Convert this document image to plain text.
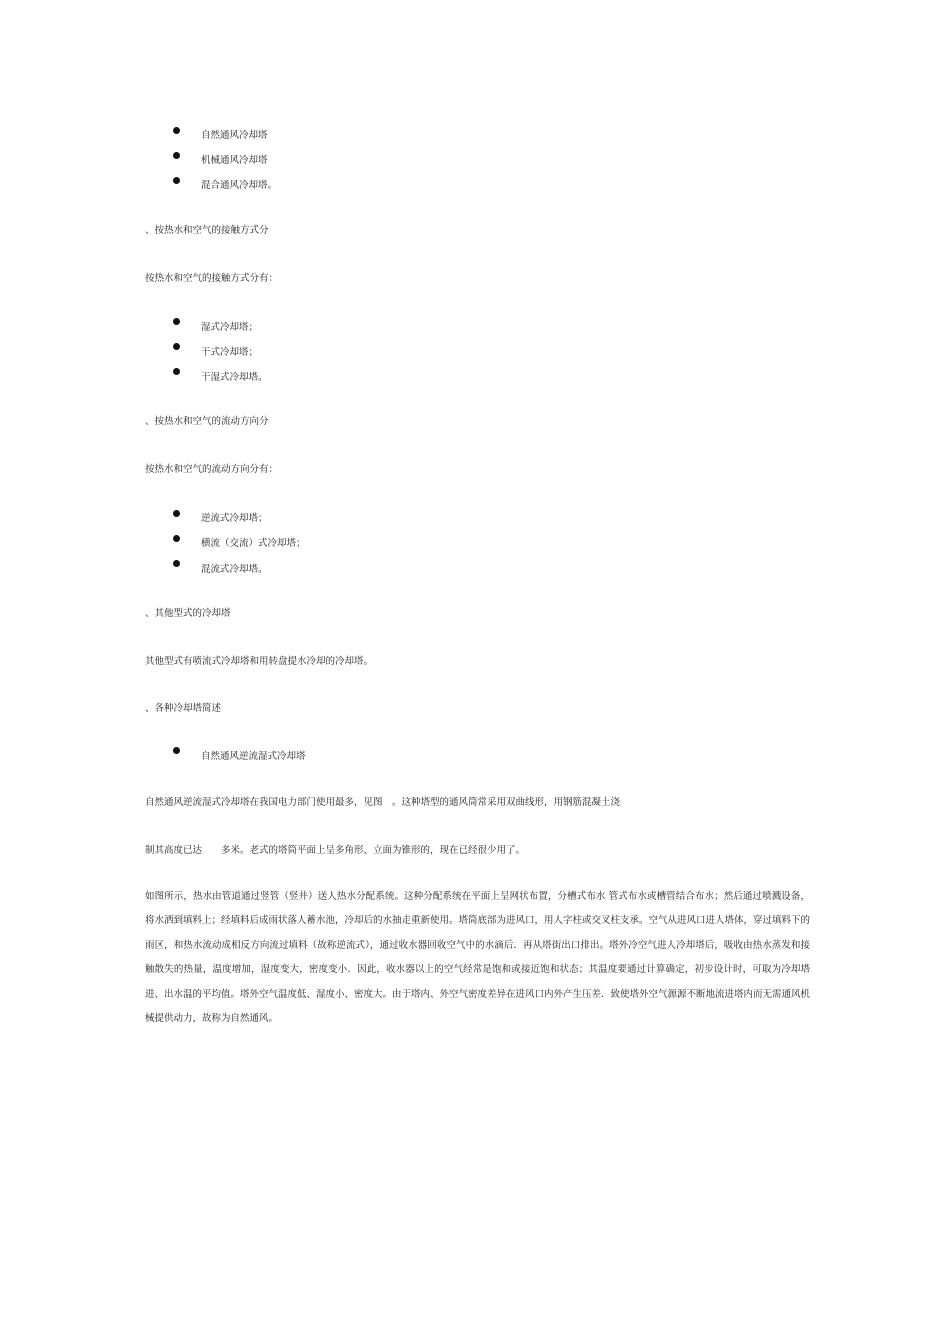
自然通风冷却塔
机械通风冷却塔
混合通风冷却塔。
、按热水和空气的接触方式分
按热水和空气的接触方式分有：
湿式冷却塔；
干式冷却塔；
干湿式冷却塔。
、按热水和空气的流动方向分
按热水和空气的流动方向分有：
逆流式冷却塔；
横流（交流）式冷却塔；
混流式冷却塔。
、其他型式的冷却塔
其他型式有喷流式冷却塔和用转盘提水冷却的冷却塔。
、各种冷却塔简述
自然通风逆流湿式冷却塔
自然通风逆流湿式冷却塔在我国电力部门使用最多，见图　。这种塔型的通风筒常采用双曲线形，用钢筋混凝土浇
制其高度已达　　多米。老式的塔筒平面上呈多角形、立面为锥形的，现在已经很少用了。
如图所示，热水由管道通过竖管（竖井）送人热水分配系统。这种分配系统在平面上呈网状布置，分槽式布水 管式布水或槽管结合布水；然后通过喷溅设备，将水洒到填料上；经填料后成雨状落人蓄水池，冷却后的水抽走重新使用。塔筒底部为进风口，用人字柱或交叉柱支承。空气从进风口进人塔体，穿过填料下的雨区，和热水流动成相反方向流过填料（故称逆流式），通过收水器回收空气中的水滴后．再从塔街出口排出。塔外冷空气进人冷却塔后，吸收由热水蒸发和接触散失的热量，温度增加，湿度变大，密度变小．因此，收水器以上的空气经常是饱和或接近饱和状态；其温度要通过计算确定，初步设计时，可取为冷却塔进、出水温的平均值。塔外空气温度低、湿度小、密度大。由于塔内、外空气密度差异在进风口内外产生压差．致使塔外空气源源不断地流进塔内而无需通风机械提供动力，故称为自然通风。
